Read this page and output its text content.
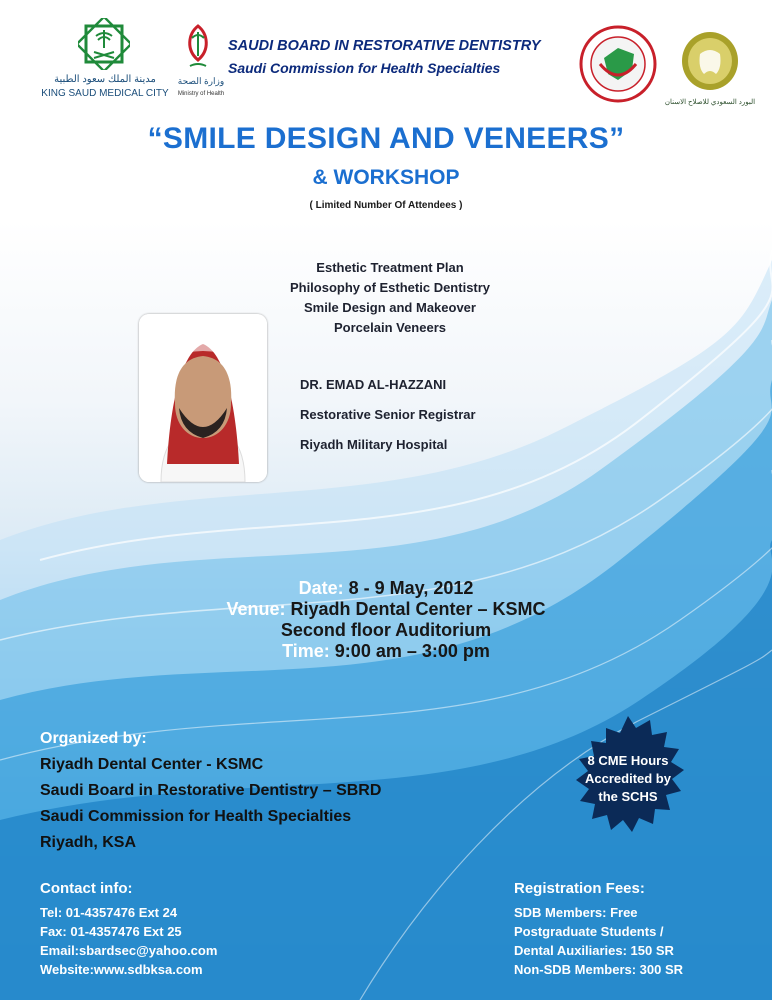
مدينة الملك سعود الطبية
KING SAUD MEDICAL CITY
وزارة الصحة
Ministry of Health
SAUDI BOARD IN RESTORATIVE DENTISTRY
Saudi Commission for Health Specialties
البورد السعودي للاصلاح الاسنان
“SMILE DESIGN AND VENEERS”
& WORKSHOP
( Limited Number Of Attendees )
Esthetic Treatment Plan
Philosophy of Esthetic Dentistry
Smile Design and Makeover
Porcelain Veneers
DR. EMAD AL-HAZZANI
Restorative Senior Registrar
Riyadh Military Hospital
Date: 8 - 9 May, 2012
Venue: Riyadh Dental Center – KSMC
Second floor Auditorium
Time: 9:00 am – 3:00 pm
Organized by:
Riyadh Dental Center - KSMC
Saudi Board in Restorative Dentistry – SBRD
Saudi Commission for Health Specialties
Riyadh, KSA
8 CME Hours
Accredited by
the SCHS
Contact info:
Tel: 01-4357476 Ext 24
Fax: 01-4357476 Ext 25
Email:sbardsec@yahoo.com
Website:www.sdbksa.com
Registration Fees:
SDB Members: Free
Postgraduate Students /
Dental Auxiliaries: 150 SR
Non-SDB Members: 300 SR
